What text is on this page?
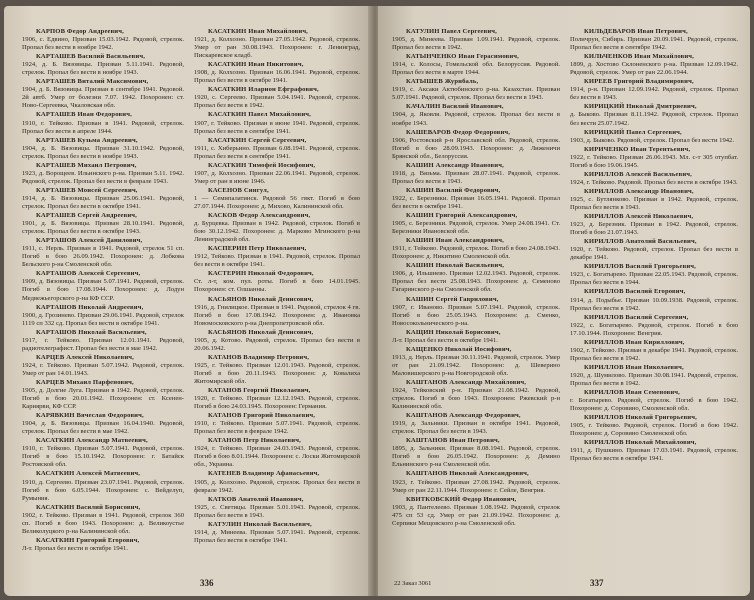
КАРПОВ Федор Андреевич,
1906, с. Едвино, Призван 15.03.1942. Рядовой, стрелок. Пропал без вести в ноябре 1942.
КАРТАШЕВ Василий Васильевич,
1924, д. Б. Вязовицы. Призван 5.11.1941. Рядовой, стрелок. Пропал без вести в ноябре 1943.
КАРТАШЕВ Виталий Максимович,
1904, д. Б. Вязовицы. Призван в сентябре 1941. Рядовой. 2й автб. Умер от болезни 7.07. 1942. Похоронен: ст. Ново-Сергеевка, Чкаловская обл.
КАРТАШЕВ Иван Федорович,
1910, г. Тейково. Призван в 1941. Рядовой, стрелок. Пропал без вести в апреле 1944.
КАРТАШЕВ Кузьма Андреевич,
1904, д. Б. Вязовицы. Призван 31.10.1942. Рядовой, стрелок. Пропал без вести в ноябре 1943.
КАРТАШЕВ Михаил Петрович,
1923, д. Ворощеев. Ильинского р-на. Призван 5.11. 1942. Рядовой, стрелок. Пропал без вести в феврале 1943.
КАРТАШЕВ Моисей Сергеевич,
1914, д. Б. Вязовицы. Призван 25.06.1941. Рядовой, стрелок. Пропал без вести в октябре 1941.
КАРТАШЕВ Сергей Андреевич,
1901, д. Б. Вязовицы. Призван 28.10.1941. Рядовой, стрелок. Пропал без вести в октябре 1943.
КАРТАШОВ Алексей Данилович,
1911, с. Нерль. Призван в 1941. Рядовой, стрелок 51 сп. Погиб в бою 26.09.1942. Похоронен: д. Лобкова Бельского р-на Смоленской обл.
КАРТАШОВ Алексей Сергеевич,
1909, д. Вязовицы. Призван 5.07.1941. Рядовой, стрелок. Погиб в бою 17.08.1944. Похоронен: д. Лодун Медвежьегорского р-на КФ ССР.
КАРТАШОВ Николай Андреевич,
1900, д. Грозинево. Призван 29.06.1941. Рядовой, стрелок 1119 сп 332 сд. Пропал без вести в октябре 1941.
КАРТАШОВ Николай Васильевич,
1917, г. Тейково. Призван 12.01.1941. Рядовой, радиотелеграфист. Пропал без вести в мае 1942.
КАРЦЕВ Алексей Николаевич,
1924, г. Тейково. Призван 5.07.1942. Рядовой, стрелок. Умер от ран 14.01.1943.
КАРЦЕВ Михаил Парфенович,
1905, д. Долгие Луга. Призван в 1942. Рядовой, стрелок. Погиб в бою 20.01.1942. Похоронен: ст. Ксенен-Кариярви, КФ ССР.
КАРЯВКИН Вячеслав Федорович,
1904, д. Б. Вязовицы. Призван 16.04.1940. Рядовой, стрелок. Пропал без вести в мае 1942.
КАСАТКИН Александр Матвеевич,
1910, г. Тейково. Призван 5.07.1941. Рядовой, стрелок. Погиб в бою 15.10.1942. Похоронен: г. Батайск Ростовской обл.
КАСАТКИН Алексей Матвеевич,
1910, д. Сергеево. Призван 23.07.1941. Рядовой, стрелок. Погиб в бою 6.05.1944. Похоронен: с. Вейделуп, Румыния.
КАСАТКИН Василий Борисович,
1902, г. Тейково. Призван в 1941. Рядовой, стрелок 360 сп. Погиб в бою 1943. Похоронен: д. Великоустье Великолуцкого р-на Калининской обл.
КАСАТКИН Григорий Егорович,
Л-т. Пропал без вести в октябре 1941.
КАСАТКИН Иван Михайлович,
1921, д. Колхозно. Призван 27.05.1942. Рядовой, стрелок. Умер от ран 30.08.1943. Похоронен: г. Ленинград, Пискаревское кладб.
КАСАТКИН Иван Никитович,
1908, д. Колхозно. Призван 16.06.1941. Рядовой, стрелок. Пропал без вести в октябре 1941.
КАСАТКИН Иларион Ефграфович,
1920, с. Сергеево. Призван 5.04.1941. Рядовой, стрелок. Пропал без вести в 1942.
КАСАТКИН Павел Михайлович,
1907, г. Тейково. Призван в июне 1941. Рядовой, стрелок. Пропал без вести в сентябре 1941.
КАСАТКИН Сергей Сергеевич,
1911, с. Хиберьино. Призван 6.08.1941. Рядовой, стрелок. Пропал без вести в сентябре 1941.
КАСАТКИН Тимофей Иосифович,
1907, д. Колхозно. Призван 22.06.1941. Рядовой, стрелок. Умер от ран в июне 1946.
КАСЕНОВ Сингул,
1 — Семипалатинск. Рядовой 56 гвкт. Погиб в бою 27.07.1944. Похоронен: д. Михово, Калининской обл.
КАСКОВ Федор Александрович,
д. Бурцевка. Призван в 1942. Рядовой, стрелок. Погиб в бою 30.12.1942. Похоронен: д. Марково Мгинского р-на Ленинградской обл.
КАСПЕРИН Петр Николаевич,
1912, Тейково. Призван в 1941. Рядовой, стрелок. Пропал без вести в октябре 1941.
КАСТЕРИН Николай Федорович,
Ст. л-т, ком. пул. роты. Погиб в бою 14.01.1945. Похоронен: ст. Олшанны.
КАСЬЯНОВ Николай Денисович,
1916, д. Гнилицкое. Призван в 1941. Рядовой, стрелок 4 гв. Погиб в бою 17.08.1942. Похоронен: д. Ивановка Новомосковского р-на Днепропетровской обл.
КАСЬЯНОВ Николай Денисович,
1905, д. Котово. Рядовой, стрелок. Пропал без вести в 20.06.1942.
КАТАНОВ Владимир Петрович,
1925, г. Тейково. Призван 12.01.1943. Рядовой, стрелок. Погиб в бою 20.11.1943. Похоронен: д. Ковалиха Житомирской обл.
КАТАНОВ Георгий Николаевич,
1920, г. Тейково. Призван 12.12.1943. Рядовой, стрелок. Погиб в бою 24.03.1945. Похоронен: Германия.
КАТАНОВ Григорий Николаевич,
1910, г. Тейково. Призван 5.07.1941. Рядовой, стрелок. Пропал без вести в феврале 1942.
КАТАНОВ Петр Николаевич,
1924, г. Тейково. Призван 24.03.1943. Рядовой, стрелок. Погиб в бою 8.01.1944. Похоронен: с. Лоски Житомирской обл., Украина.
КАТЕНЕВ Владимир Афанасьевич,
1905, д. Колхозно. Рядовой, стрелок. Пропал без вести в феврале 1942.
КАТКОВ Анатолий Иванович,
1925, с. Светицы. Призван 5.01.1943. Рядовой, стрелок. Пропал без вести в 1943.
КАТУЛИН Николай Васильевич,
1914, д. Минеева. Призван 5.07.1941. Рядовой, стрелок. Пропал без вести в октябре 1941.
336
КАТУЛИН Павел Сергеевич,
1905, д. Минеева. Призван 1.09.1941. Рядовой, стрелок. Пропал без вести в 1942.
КАТЫНЧЕНКО Иван Герасимович,
1914, с. Колосы, Гомельской обл. Белоруссия. Рядовой. Пропал без вести в марте 1944.
КАТЫШЕВ Журибаль,
1919, с. Аксаки Актюбинского р-на. Казахстан. Призван 5.07.1941. Рядовой, стрелок. Пропал без вести в 1943.
КАЧАЛИН Василий Иванович,
1904, д. Яковля. Рядовой, стрелок. Пропал без вести в ноябре 1943.
КАШЕВАРОВ Федор Федорович,
1906, Ростовский р-н Ярославской обл. Рядовой, стрелок. Погиб в бою 28.09.1943. Похоронен: д. Лиженичи Брянской обл., Белоруссия.
КАШИН Александр Иванович,
1918, д. Вязьма. Призван 28.07.1941. Рядовой, стрелок. Пропал без вести в 1943.
КАШИН Василий Федорович,
1922, с. Березники. Призван 16.05.1941. Рядовой. Пропал без вести в октябре 1941.
КАШИН Григорий Александрович,
1905, с. Березники. Рядовой, стрелок. Умер 24.08.1941. Ст. Березники Ивановской обл.
КАШИН Иван Александрович,
1911, г. Тейково. Рядовой, стрелок. Погиб в бою 24.08.1943. Похоронен: д. Никитино Смоленской обл.
КАШИН Николай Васильевич,
1906, д. Ильшнево. Призван 12.02.1943. Рядовой, стрелок. Пропал без вести 25.08.1943. Похоронен: д. Семеново Гагаринского р-на Смоленской обл.
КАШИН Сергей Гаврилович,
1907, г. Иваново. Призван 5.07.1941. Рядовой, стрелок. Погиб в бою 25.05.1943. Похоронен: д. Сменко, Новосокольнического р-на.
КАЩИН Николай Борисович,
Л-т. Пропал без вести в октябре 1941.
КАЩЕНКО Николай Иосифович,
1913, д. Нерль. Призван 30.11.1941. Рядовой, стрелок. Умер от ран 21.09.1942. Похоронен: д. Шеверино Маловишерского р-на Новгородской обл.
КАШТАНОВ Александр Михайлович,
1924, Тейковский р-н. Призван 21.08.1942. Рядовой, стрелок. Погиб в бою 1943. Похоронен: Ржевский р-н Калининской обл.
КАШТАНОВ Александр Федорович,
1919, д. Зальники. Призван в октябре 1941. Рядовой, стрелок. Пропал без вести в 1943.
КАШТАНОВ Иван Петрович,
1895, д. Зальники. Призван 8.08.1941. Рядовой, стрелок. Погиб в бою 26.05.1942. Похоронен: д. Демино Ельнинского р-на Смоленской обл.
КАШТАНОВ Николай Александрович,
1923, г. Тейково. Призван 27.08.1942. Рядовой, стрелок. Умер от ран 22.11.1944. Похоронен: г. Сейле, Венгрия.
КВИТКОВСКИЙ Федор Иванович,
1903, д. Пантелеево. Призван 1.08.1942. Рядовой, стрелок 475 сп 53 сд. Умер от ран 21.09.1942. Похоронен: д. Серпики Мещовского р-на Смоленской обл.
КИЛЬДЕВАРОВ Иван Петрович,
Поличрун, Сибирь. Призван 20.09.1941. Рядовой, стрелок. Пропал без вести в сентябре 1942.
КИЛЬЧЕНКОВ Иван Михайлович,
1899, д. Хостово Склоненского р-на. Призван 12.09.1942. Рядовой, стрелок. Умер от ран 22.06.1944.
КИРЕЕВ Григорий Владимирович,
1914, р-н. Призван 12.09.1942. Рядовой, стрелок. Пропал без вести в 1943.
КИРИЦКИЙ Николай Дмитриевич,
д. Быково. Призван 8.11.1942. Рядовой, стрелок. Пропал без вести 25.07.1942.
КИРИЦКИЙ Павел Сергеевич,
1903, д. Быково. Рядовой, стрелок. Пропал без вести 1942.
КИРИЧЕНКО Иван Терентьевич,
1922, г. Тейково. Призван 26.06.1943. Мл. с-т 305 отупбат. Погиб в бою 19.06.1945.
КИРИЛЛОВ Алексей Васильевич,
1924, г. Тейково. Рядовой. Пропал без вести в октябре 1943.
КИРИЛЛОВ Александр Иванович,
1925, с. Бутлянково. Призван в 1942. Рядовой, стрелок. Пропал без вести в 1943.
КИРИЛЛОВ Алексей Николаевич,
1923, д. Березник. Призван в 1942. Рядовой, стрелок. Погиб в бою 21.07.1943.
КИРИЛЛОВ Анатолий Васильевич,
1920, г. Тейково. Рядовой, стрелок. Пропал без вести в декабре 1941.
КИРИЛЛОВ Василий Григорьевич,
1923, с. Богатырево. Призван 22.05.1943. Рядовой, стрелок. Пропал без вести в 1944.
КИРИЛЛОВ Василий Егорович,
1914, д. Подыбье. Призван 10.09.1938. Рядовой, стрелок. Пропал без вести в 1942.
КИРИЛЛОВ Василий Сергеевич,
1922, с. Богатырево. Рядовой, стрелок. Погиб в бою 17.10.1944. Похоронен: Венгрия.
КИРИЛЛОВ Иван Кириллович,
1902, г. Тейково. Призван в декабре 1941. Рядовой, стрелок. Пропал без вести в 1942.
КИРИЛЛОВ Иван Николаевич,
1920, д. Шумилово. Призван 30.08.1941. Рядовой, стрелок. Пропал без вести в 1942.
КИРИЛЛОВ Иван Семенович,
г. Богатырево. Рядовой, стрелок. Погиб в бою 1942. Похоронен: д. Соровино, Смоленской обл.
КИРИЛЛОВ Николай Григорьевич,
1905, г. Тейково. Рядовой, стрелок. Погиб в бою 1942. Похоронен: д. Соровино Смоленской обл.
КИРИЛЛОВ Николай Михайлович,
1911, д. Пушкино. Призван 17.03.1941. Рядовой, стрелок. Пропал без вести в октябре 1941.
22 Заказ 3061	337
